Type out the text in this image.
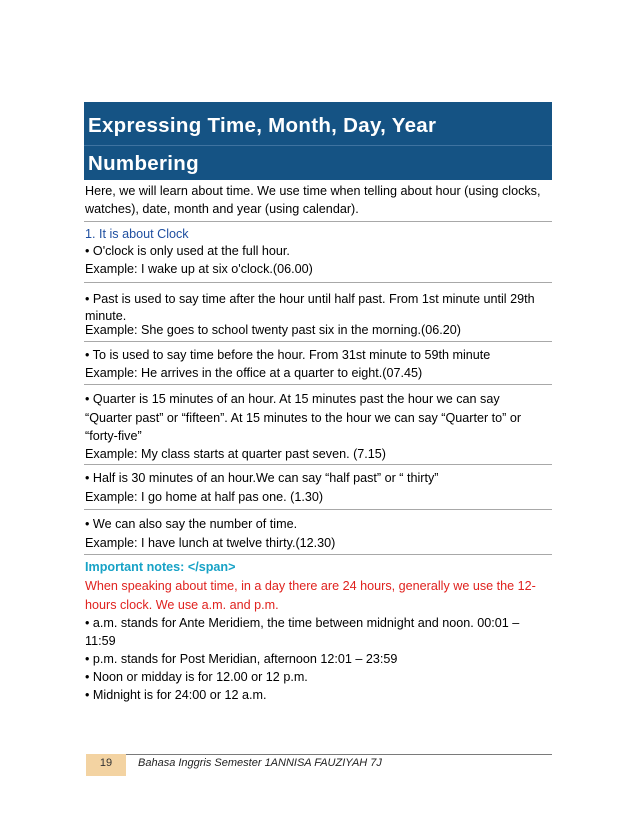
Expressing Time, Month, Day, Year
Numbering
Here, we will learn about time. We use time when telling about hour (using clocks,
watches), date, month and year (using calendar).
1. It is about Clock
• O'clock is only used at the full hour.
Example: I wake up at six o'clock.(06.00)
• Past is used to say time after the hour until half past. From 1st minute until 29th
minute.
Example: She goes to school twenty past six in the morning.(06.20)
• To is used to say time before the hour. From 31st minute to 59th minute
Example: He arrives in the office at a quarter to eight.(07.45)
• Quarter is 15 minutes of an hour. At 15 minutes past the hour we can say
“Quarter past” or “fifteen”. At 15 minutes to the hour we can say “Quarter to” or
“forty-five”
Example: My class starts at quarter past seven. (7.15)
• Half is 30 minutes of an hour.We can say “half past” or “ thirty”
Example: I go home at half pas one. (1.30)
• We can also say the number of time.
Example: I have lunch at twelve thirty.(12.30)
Important notes: </span>
When speaking about time, in a day there are 24 hours, generally we use the 12-
hours clock. We use a.m. and p.m.
• a.m. stands for Ante Meridiem, the time between midnight and noon. 00:01 –
11:59
• p.m. stands for Post Meridian, afternoon 12:01 – 23:59
• Noon or midday is for 12.00 or 12 p.m.
• Midnight is for 24:00 or 12 a.m.
19	Bahasa Inggris Semester 1ANNISA FAUZIYAH 7J
